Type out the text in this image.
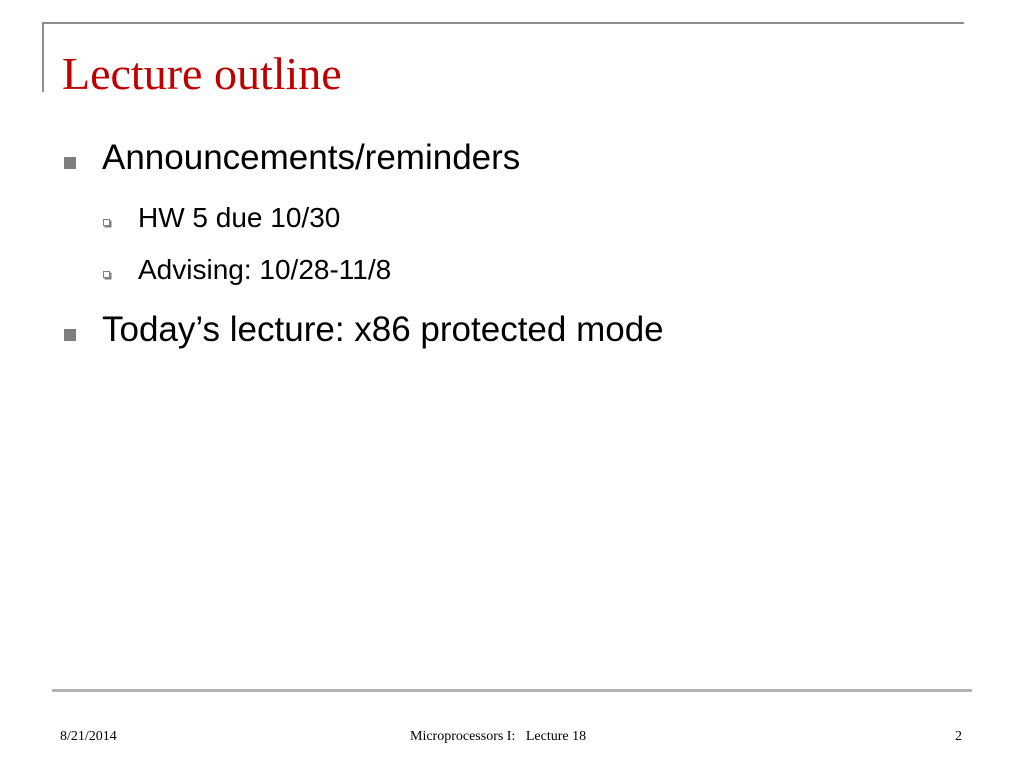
Lecture outline
Announcements/reminders
HW 5 due 10/30
Advising: 10/28-11/8
Today’s lecture: x86 protected mode
8/21/2014	Microprocessors I:   Lecture 18	2
